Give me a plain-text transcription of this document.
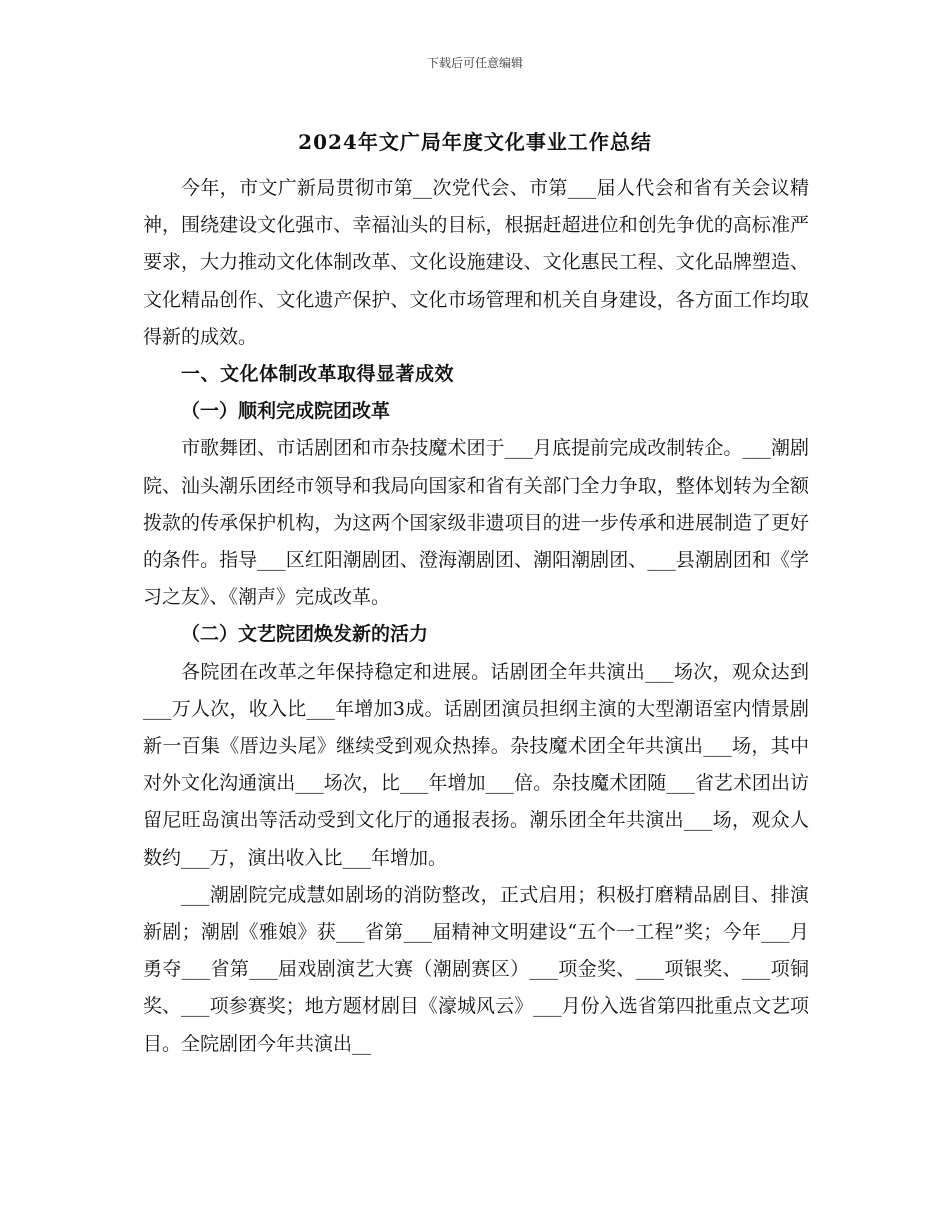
下载后可任意编辑
2024年文广局年度文化事业工作总结

今年，市文广新局贯彻市第__次党代会、市第___届人代会和省有关会议精神，围绕建设文化强市、幸福汕头的目标，根据赶超进位和创先争优的高标准严要求，大力推动文化体制改革、文化设施建设、文化惠民工程、文化品牌塑造、文化精品创作、文化遗产保护、文化市场管理和机关自身建设，各方面工作均取得新的成效。

一、文化体制改革取得显著成效
（一）顺利完成院团改革

市歌舞团、市话剧团和市杂技魔术团于___月底提前完成改制转企。___潮剧院、汕头潮乐团经市领导和我局向国家和省有关部门全力争取，整体划转为全额拨款的传承保护机构，为这两个国家级非遗项目的进一步传承和进展制造了更好的条件。指导___区红阳潮剧团、澄海潮剧团、潮阳潮剧团、___县潮剧团和《学习之友》、《潮声》完成改革。

（二）文艺院团焕发新的活力

各院团在改革之年保持稳定和进展。话剧团全年共演出___场次，观众达到___万人次，收入比___年增加3成。话剧团演员担纲主演的大型潮语室内情景剧新一百集《厝边头尾》继续受到观众热捧。杂技魔术团全年共演出___场，其中对外文化沟通演出___场次，比___年增加___倍。杂技魔术团随___省艺术团出访留尼旺岛演出等活动受到文化厅的通报表扬。潮乐团全年共演出___场，观众人数约___万，演出收入比___年增加。

___潮剧院完成慧如剧场的消防整改，正式启用；积极打磨精品剧目、排演新剧；潮剧《雅娘》获___省第___届精神文明建设“五个一工程”奖；今年___月勇夺___省第___届戏剧演艺大赛（潮剧赛区）___项金奖、___项银奖、___项铜奖、___项参赛奖；地方题材剧目《濠城风云》___月份入选省第四批重点文艺项目。全院剧团今年共演出__
